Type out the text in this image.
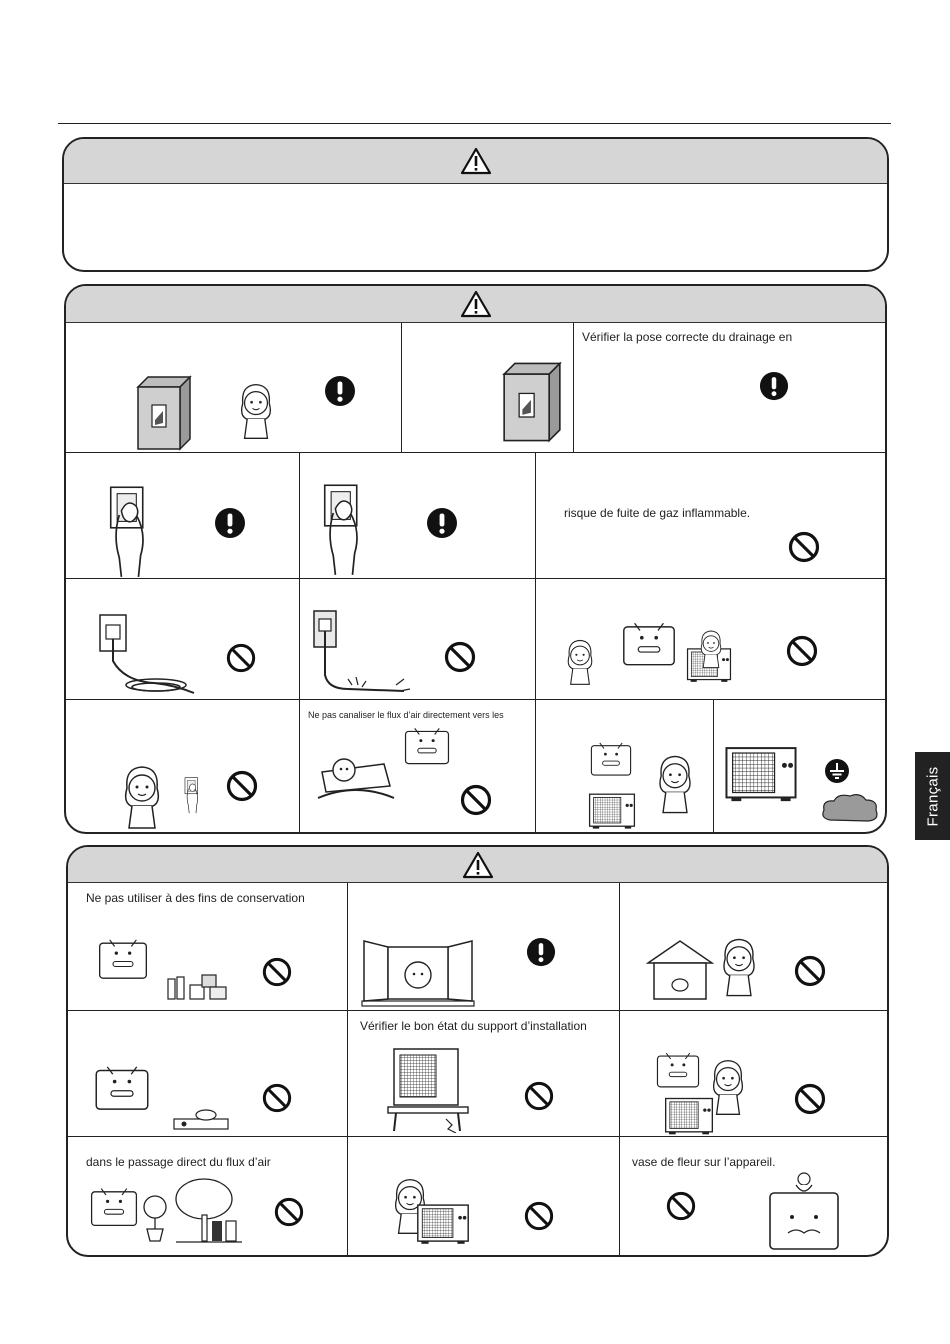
Vérifier la pose correcte du drainage en
risque de fuite de gaz inflammable.
Ne pas canaliser le flux d’air directement vers les
Ne pas utiliser à des fins de conservation
Vérifier le bon état du support d’installation
dans le passage direct du flux d’air	vase de fleur sur l’appareil.
Français
